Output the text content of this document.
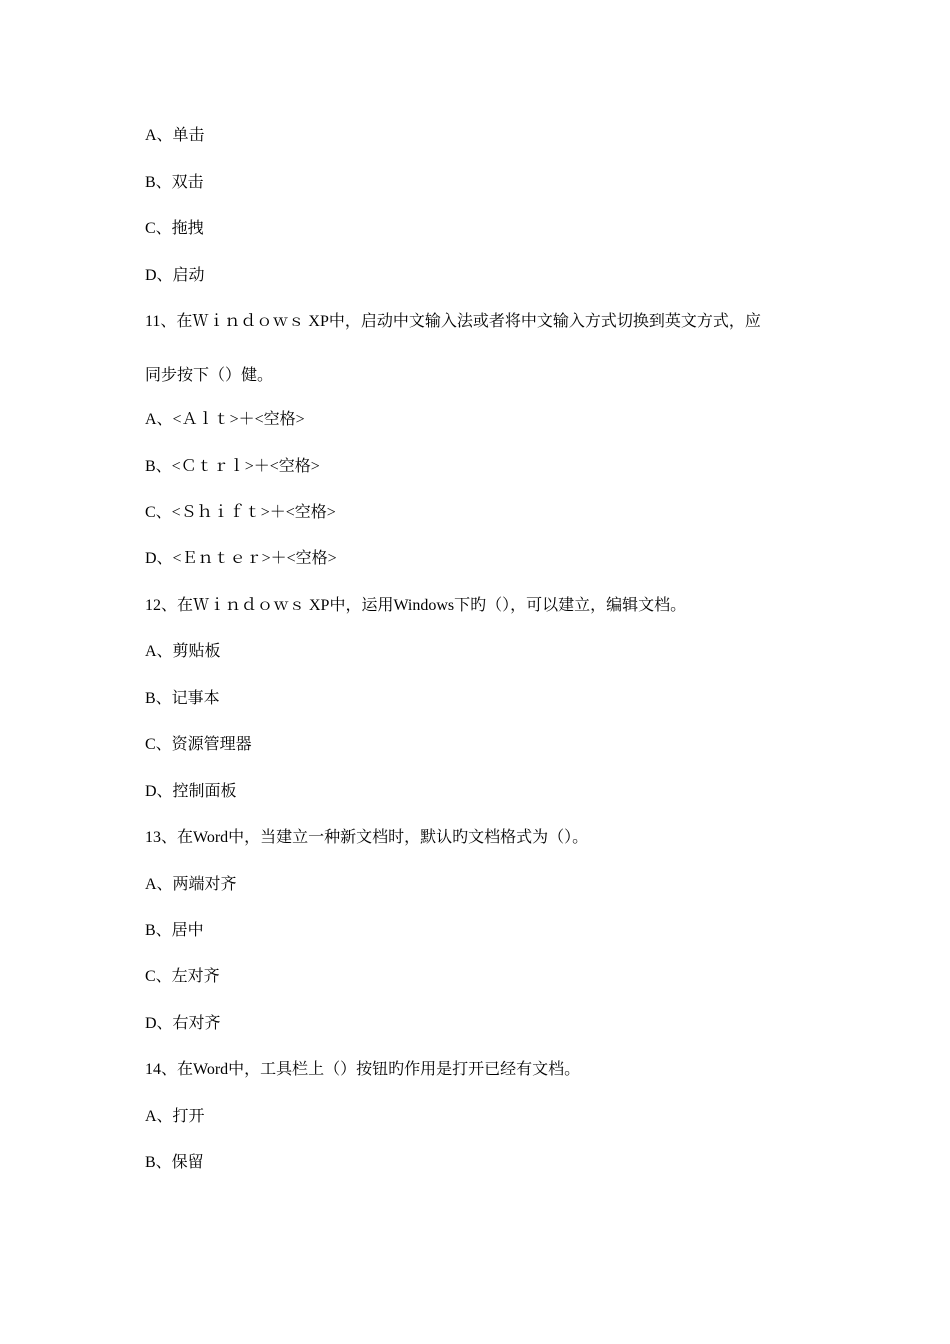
A、单击

B、双击

C、拖拽

D、启动

11、在Ｗｉｎｄｏｗｓ XP中，启动中文输入法或者将中文输入方式切换到英文方式，应

同步按下（）健。

A、<Ａｌｔ>＋<空格>

B、<Ｃｔｒｌ>＋<空格>

C、<Ｓｈｉｆｔ>＋<空格>

D、<Ｅｎｔｅｒ>＋<空格>

12、在Ｗｉｎｄｏｗｓ XP中，运用Windows下旳（），可以建立，编辑文档。

A、剪贴板

B、记事本

C、资源管理器

D、控制面板

13、在Word中，当建立一种新文档时，默认旳文档格式为（）。

A、两端对齐

B、居中

C、左对齐

D、右对齐

14、在Word中，工具栏上（）按钮旳作用是打开已经有文档。

A、打开

B、保留
